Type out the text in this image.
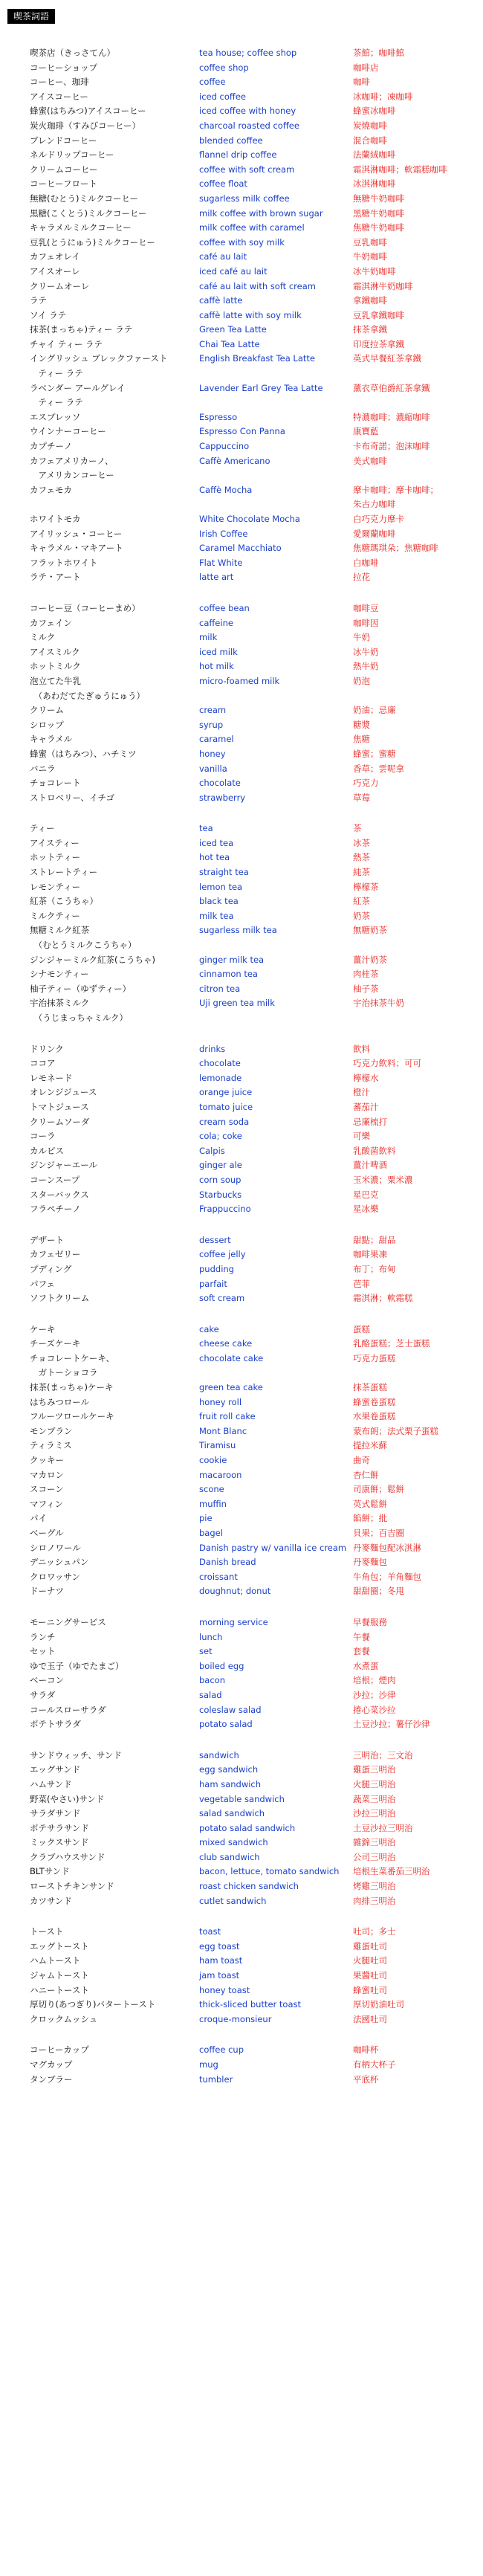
喫茶詞語
喫茶店（きっさてん）	tea house; coffee shop	茶館；咖啡館
コーヒーショップ	coffee shop	咖啡店
コーヒー、珈琲	coffee	咖啡
アイスコーヒー	iced coffee	冰咖啡；凍咖啡
蜂蜜(はちみつ)アイスコーヒー	iced coffee with honey	蜂蜜冰咖啡
炭火珈琲（すみびコーヒー）	charcoal roasted coffee	炭燒咖啡
ブレンドコーヒー	blended coffee	混合咖啡
ネルドリップコーヒー	flannel drip coffee	法蘭絨咖啡
クリームコーヒー	coffee with soft cream	霜淇淋咖啡；軟霜糕咖啡
コーヒーフロート	coffee float	冰淇淋咖啡
無糖(むとう)ミルクコーヒー	sugarless milk coffee	無糖牛奶咖啡
黒糖(こくとう)ミルクコーヒー	milk coffee with brown sugar	黑糖牛奶咖啡
キャラメルミルクコーヒー	milk coffee with caramel	焦糖牛奶咖啡
豆乳(とうにゅう)ミルクコーヒー	coffee with soy milk	豆乳咖啡
カフェオレイ	café au lait	牛奶咖啡
アイスオーレ	iced café au lait	冰牛奶咖啡
クリームオーレ	café au lait with soft cream	霜淇淋牛奶咖啡
ラテ	caffè latte	拿鐵咖啡
ソイ ラテ	caffè latte with soy milk	豆乳拿鐵咖啡
抹茶(まっちゃ)ティー ラテ	Green Tea Latte	抹茶拿鐵
チャイ ティー ラテ	Chai Tea Latte	印度拉茶拿鐵
イングリッシュ ブレックファースト
　ティー ラテ
English Breakfast Tea Latte	英式早餐紅茶拿鐵
ラベンダー アールグレイ
　ティー ラテ
Lavender Earl Grey Tea Latte	薰衣草伯爵紅茶拿鐵
エスプレッソ	Espresso	特濃咖啡；濃縮咖啡
ウインナーコーヒー	Espresso Con Panna	康寶藍
カプチーノ	Cappuccino	卡布奇諾；泡沫咖啡
カフェアメリカーノ、
　アメリカンコーヒー
Caffè Americano	美式咖啡
カフェモカ	Caffè Mocha	摩卡咖啡；摩卡咖啡；
朱古力咖啡
ホワイトモカ	White Chocolate Mocha	白巧克力摩卡
アイリッシュ・コーヒー	Irish Coffee	愛爾蘭咖啡
キャラメル・マキアート	Caramel Macchiato	焦糖瑪琪朵；焦糖咖啡
フラットホワイト	Flat White	白咖啡
ラテ・アート	latte art	拉花
コーヒー豆（コーヒーまめ）	coffee bean	咖啡豆
カフェイン	caffeine	咖啡因
ミルク	milk	牛奶
アイスミルク	iced milk	冰牛奶
ホットミルク	hot milk	熱牛奶
泡立てた牛乳
　（あわだてたぎゅうにゅう）
micro-foamed milk	奶泡
クリーム	cream	奶油；忌廉
シロップ	syrup	糖漿
キャラメル	caramel	焦糖
蜂蜜（はちみつ）、ハチミツ	honey	蜂蜜；蜜糖
バニラ	vanilla	香草；雲呢拿
チョコレート	chocolate	巧克力
ストロベリー、イチゴ	strawberry	草莓
ティー	tea	茶
アイスティー	iced tea	冰茶
ホットティー	hot tea	熱茶
ストレートティー	straight tea	純茶
レモンティー	lemon tea	檸檬茶
紅茶（こうちゃ）	black tea	紅茶
ミルクティー	milk tea	奶茶
無糖ミルク紅茶
　（むとうミルクこうちゃ）
sugarless milk tea	無糖奶茶
ジンジャーミルク紅茶(こうちゃ)	ginger milk tea	薑汁奶茶
シナモンティー	cinnamon tea	肉桂茶
柚子ティー（ゆずティー）	citron tea	柚子茶
宇治抹茶ミルク
　（うじまっちゃミルク）
Uji green tea milk	宇治抹茶牛奶
ドリンク	drinks	飲料
ココア	chocolate	巧克力飲料；可可
レモネード	lemonade	檸檬水
オレンジジュース	orange juice	橙汁
トマトジュース	tomato juice	蕃茄汁
クリームソーダ	cream soda	忌廉梳打
コーラ	cola; coke	可樂
カルピス	Calpis	乳酸菌飲料
ジンジャーエール	ginger ale	薑汁啤酒
コーンスープ	corn soup	玉米濃；粟米濃
スターバックス	Starbucks	星巴克
フラペチーノ	Frappuccino	星冰樂
デザート	dessert	甜點；甜品
カフェゼリー	coffee jelly	咖啡果凍
プディング	pudding	布丁；布甸
パフェ	parfait	芭菲
ソフトクリーム	soft cream	霜淇淋；軟霜糕
ケーキ	cake	蛋糕
チーズケーキ	cheese cake	乳酪蛋糕；芝士蛋糕
チョコレートケーキ、
　ガトーショコラ
chocolate cake	巧克力蛋糕
抹茶(まっちゃ)ケーキ	green tea cake	抹茶蛋糕
はちみつロール	honey roll	蜂蜜卷蛋糕
フルーツロールケーキ	fruit roll cake	水果卷蛋糕
モンブラン	Mont Blanc	蒙布朗；法式栗子蛋糕
ティラミス	Tiramisu	提拉米蘇
クッキー	cookie	曲奇
マカロン	macaroon	杏仁餅
スコーン	scone	司康餅；鬆餅
マフィン	muffin	英式鬆餅
パイ	pie	餡餅；批
ベーグル	bagel	貝果；百吉圈
シロノワール	Danish pastry w/ vanilla ice cream 丹麥麵包配冰淇淋
デニッシュパン	Danish bread	丹麥麵包
クロワッサン	croissant	牛角包；羊角麵包
ドーナツ	doughnut; donut	甜甜圈；冬甩
モーニングサービス	morning service	早餐服務
ランチ	lunch	午餐
セット	set	套餐
ゆで玉子（ゆでたまご）	boiled egg	水煮蛋
ベーコン	bacon	培根；煙肉
サラダ	salad	沙拉；沙律
コールスローサラダ	coleslaw salad	捲心菜沙拉
ポテトサラダ	potato salad	土豆沙拉；薯仔沙律
サンドウィッチ、サンド	sandwich	三明治；三文治
エッグサンド	egg sandwich	雞蛋三明治
ハムサンド	ham sandwich	火腿三明治
野菜(やさい)サンド	vegetable sandwich	蔬菜三明治
サラダサンド	salad sandwich	沙拉三明治
ポテサラサンド	potato salad sandwich	土豆沙拉三明治
ミックスサンド	mixed sandwich	雜錦三明治
クラブハウスサンド	club sandwich	公司三明治
BLTサンド	bacon, lettuce, tomato sandwich	培根生菜番茄三明治
ローストチキンサンド	roast chicken sandwich	烤雞三明治
カツサンド	cutlet sandwich	肉排三明治
トースト	toast	吐司；多士
エッグトースト	egg toast	雞蛋吐司
ハムトースト	ham toast	火腿吐司
ジャムトースト	jam toast	果醬吐司
ハニートースト	honey toast	蜂蜜吐司
厚切り(あつぎり)バタートースト	thick-sliced butter toast	厚切奶油吐司
クロックムッシュ	croque-monsieur	法國吐司
コーヒーカップ	coffee cup	咖啡杯
マグカップ	mug	有柄大杯子
タンブラー	tumbler	平底杯
